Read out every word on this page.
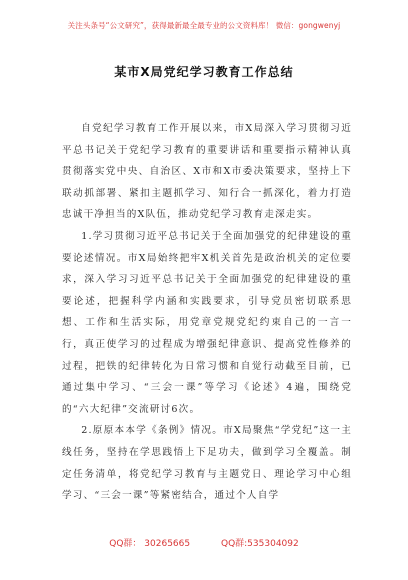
关注头条号“公文研究”，获得最新最全最专业的公文资料库！ 微信：gongwenyj
某市X局党纪学习教育工作总结

自党纪学习教育工作开展以来，市X局深入学习贯彻习近平总书记关于党纪学习教育的重要讲话和重要指示精神认真贯彻落实党中央、自治区、X市和X市委决策要求，坚持上下联动抓部署、紧扣主题抓学习、知行合一抓深化，着力打造忠诚干净担当的X队伍，推动党纪学习教育走深走实。

1.学习贯彻习近平总书记关于全面加强党的纪律建设的重要论述情况。市X局始终把牢X机关首先是政治机关的定位要求，深入学习习近平总书记关于全面加强党的纪律建设的重要论述，把握科学内涵和实践要求，引导党员密切联系思想、工作和生活实际，用党章党规党纪约束自己的一言一行，真正使学习的过程成为增强纪律意识、提高党性修养的过程，把铁的纪律转化为日常习惯和自觉行动截至目前，已通过集中学习、“三会一课”等学习《论述》4遍，围绕党的“六大纪律”交流研讨6次。

2.原原本本学《条例》情况。市X局聚焦“学党纪”这一主线任务，坚持在学思践悟上下足功夫，做到学习全覆盖。制定任务清单，将党纪学习教育与主题党日、理论学习中心组学习、“三会一课”等紧密结合，通过个人自学

QQ群： 30265665	QQ群:535304092
